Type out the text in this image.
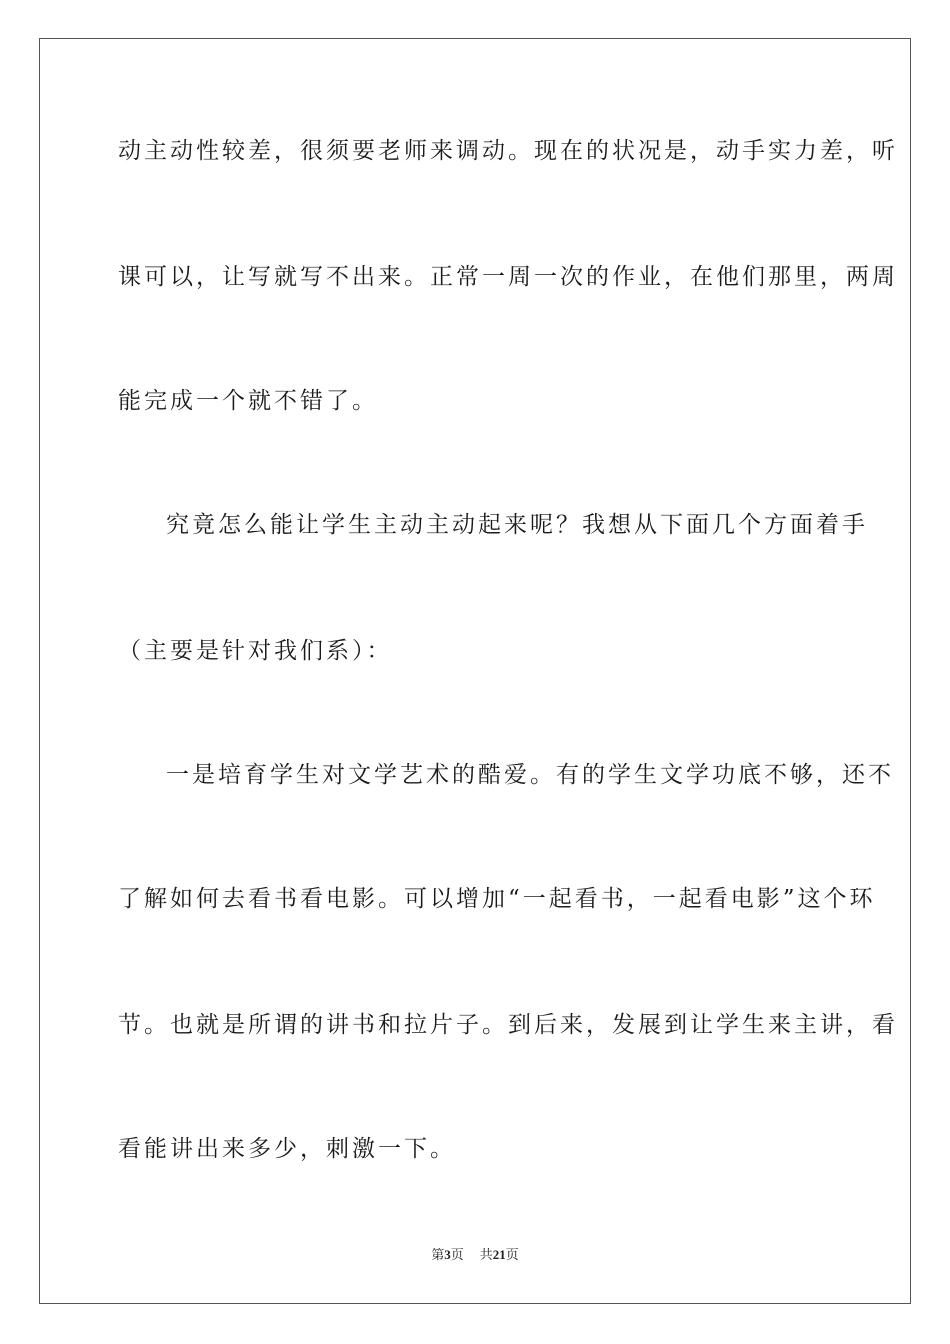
动主动性较差，很须要老师来调动。现在的状况是，动手实力差，听
课可以，让写就写不出来。正常一周一次的作业，在他们那里，两周
能完成一个就不错了。
究竟怎么能让学生主动主动起来呢？我想从下面几个方面着手
（主要是针对我们系）：
一是培育学生对文学艺术的酷爱。有的学生文学功底不够，还不
了解如何去看书看电影。可以增加“一起看书，一起看电影”这个环
节。也就是所谓的讲书和拉片子。到后来，发展到让学生来主讲，看
看能讲出来多少，刺激一下。
第3页 共21页
